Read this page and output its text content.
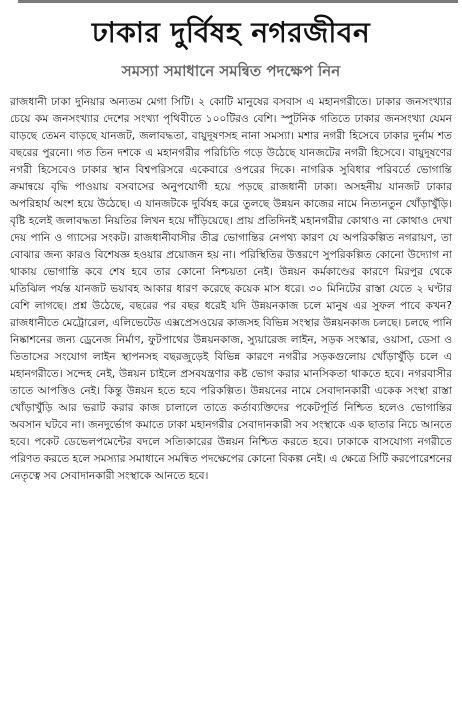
ঢাকার দুর্বিষহ নগরজীবন
সমস্যা সমাধানে সমন্বিত পদক্ষেপ নিন

রাজধানী ঢাকা দুনিয়ার অন্যতম মেগা সিটি। ২ কোটি মানুষের বসবাস এ মহানগরীতে। ঢাকার জনসংখ্যার চেয়ে কম জনসংখ্যার দেশের সংখ্যা পৃথিবীতে ১০০টিরও বেশি। স্পুটনিক গতিতে ঢাকার জনসংখ্যা যেমন বাড়ছে তেমন বাড়ছে যানজট, জলাবদ্ধতা, বায়ুদূষণসহ নানা সমস্যা। মশার নগরী হিসেবে ঢাকার দুর্নাম শত বছরের পুরনো। গত তিন দশকে এ মহানগরীর পরিচিতি গড়ে উঠেছে যানজটের নগরী হিসেবে। বায়ুদূষণের নগরী হিসেবেও ঢাকার স্থান বিশ্বপরিসরে একেবারে ওপরের দিকে। নাগরিক সুবিধার পরিবর্তে ভোগান্তি ক্রমান্বয়ে বৃদ্ধি পাওয়ায় বসবাসের অনুপযোগী হয়ে পড়ছে রাজধানী ঢাকা। অসহনীয় যানজট ঢাকার অপরিহার্য অংশ হয়ে উঠেছে। এ যানজটকে দুর্বিষহ করে তুলছে উন্নয়ন কাজের নামে নিত্যনতুন খোঁড়াখুঁড়ি। বৃষ্টি হলেই জলাবদ্ধতা নিয়তির লিখন হয়ে দাঁড়িয়েছে। প্রায় প্রতিদিনই মহানগরীর কোথাও না কোথাও দেখা দেয় পানি ও গ্যাসের সংকট। রাজধানীবাসীর তীব্র ভোগান্তির নেপথ্য কারণ যে অপরিকল্পিত নগরায়ণ, তা বোঝার জন্য কারও বিশেষজ্ঞ হওয়ার প্রয়োজন হয় না। পরিস্থিতির উত্তরণে সুপরিকল্পিত কোনো উদ্যোগ না থাকায় ভোগান্তি কবে শেষ হবে তার কোনো নিশ্চয়তা নেই। উন্নয়ন কর্মকাণ্ডের কারণে মিরপুর থেকে মতিঝিল পর্যন্ত যানজট ভয়াবহ আকার ধারণ করেছে কয়েক মাস ধরে। ৩০ মিনিটের রাস্তা যেতে ২ ঘণ্টার বেশি লাগছে। প্রশ্ন উঠেছে, বছরের পর বছর ধরেই যদি উন্নয়নকাজ চলে মানুষ এর সুফল পাবে কখন? রাজধানীতে মেট্রোরেল, এলিভেটেড এক্সপ্রেসওয়ের কাজসহ বিভিন্ন সংস্থার উন্নয়নকাজ চলছে। চলছে পানি নিষ্কাশনের জন্য ড্রেনেজ নির্মাণ, ফুটপাথের উন্নয়নকাজ, স্যুয়ারেজ লাইন, সড়ক সংস্কার, ওয়াসা, ডেসা ও তিতাসের সংযোগ লাইন স্থাপনসহ বছরজুড়েই বিভিন্ন কারণে নগরীর সড়কগুলোয় খোঁড়াখুঁড়ি চলে এ মহানগরীতে। সন্দেহ নেই, উন্নয়ন চাইলে প্রসবযন্ত্রণার কষ্ট ভোগ করার মানসিকতা থাকতে হবে। নগরবাসীর তাতে আপত্তিও নেই। কিন্তু উন্নয়ন হতে হবে পরিকল্পিত। উন্নয়নের নামে সেবাদানকারী একেক সংস্থা রাস্তা খোঁড়াখুঁড়ি আর ভরাট করার কাজ চালালে তাতে কর্তাব্যক্তিদের পকেটপূর্তি নিশ্চিত হলেও ভোগান্তির অবসান ঘটবে না। জনদুর্ভোগ কমাতে ঢাকা মহানগরীর সেবাদানকারী সব সংস্থাকে এক ছাতার নিচে আনতে হবে। পকেট ডেভেলপমেন্টের বদলে সত্যিকারের উন্নয়ন নিশ্চিত করতে হবে। ঢাকাকে বাসযোগ্য নগরীতে পরিণত করতে হলে সমস্যার সমাধানে সমন্বিত পদক্ষেপের কোনো বিকল্প নেই। এ ক্ষেত্রে সিটি করপোরেশনের নেতৃত্বে সব সেবাদানকারী সংস্থাকে আনতে হবে।
